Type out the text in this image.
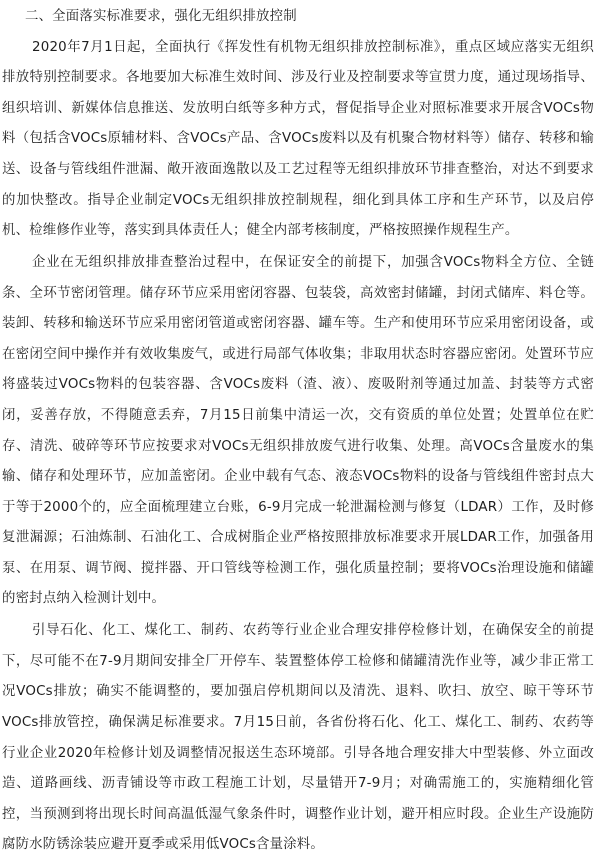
二、全面落实标准要求，强化无组织排放控制

2020年7月1日起，全面执行《挥发性有机物无组织排放控制标准》，重点区域应落实无组织排放特别控制要求。各地要加大标准生效时间、涉及行业及控制要求等宣贯力度，通过现场指导、组织培训、新媒体信息推送、发放明白纸等多种方式，督促指导企业对照标准要求开展含VOCs物料（包括含VOCs原辅材料、含VOCs产品、含VOCs废料以及有机聚合物材料等）储存、转移和输送、设备与管线组件泄漏、敞开液面逸散以及工艺过程等无组织排放环节排查整治，对达不到要求的加快整改。指导企业制定VOCs无组织排放控制规程，细化到具体工序和生产环节，以及启停机、检维修作业等，落实到具体责任人；健全内部考核制度，严格按照操作规程生产。

企业在无组织排放排查整治过程中，在保证安全的前提下，加强含VOCs物料全方位、全链条、全环节密闭管理。储存环节应采用密闭容器、包装袋，高效密封储罐，封闭式储库、料仓等。装卸、转移和输送环节应采用密闭管道或密闭容器、罐车等。生产和使用环节应采用密闭设备，或在密闭空间中操作并有效收集废气，或进行局部气体收集；非取用状态时容器应密闭。处置环节应将盛装过VOCs物料的包装容器、含VOCs废料（渣、液）、废吸附剂等通过加盖、封装等方式密闭，妥善存放，不得随意丢弃，7月15日前集中清运一次，交有资质的单位处置；处置单位在贮存、清洗、破碎等环节应按要求对VOCs无组织排放废气进行收集、处理。高VOCs含量废水的集输、储存和处理环节，应加盖密闭。企业中载有气态、液态VOCs物料的设备与管线组件密封点大于等于2000个的，应全面梳理建立台账，6-9月完成一轮泄漏检测与修复（LDAR）工作，及时修复泄漏源；石油炼制、石油化工、合成树脂企业严格按照排放标准要求开展LDAR工作，加强备用泵、在用泵、调节阀、搅拌器、开口管线等检测工作，强化质量控制；要将VOCs治理设施和储罐的密封点纳入检测计划中。

引导石化、化工、煤化工、制药、农药等行业企业合理安排停检修计划，在确保安全的前提下，尽可能不在7-9月期间安排全厂开停车、装置整体停工检修和储罐清洗作业等，减少非正常工况VOCs排放；确实不能调整的，要加强启停机期间以及清洗、退料、吹扫、放空、晾干等环节VOCs排放管控，确保满足标准要求。7月15日前，各省份将石化、化工、煤化工、制药、农药等行业企业2020年检修计划及调整情况报送生态环境部。引导各地合理安排大中型装修、外立面改造、道路画线、沥青铺设等市政工程施工计划，尽量错开7-9月；对确需施工的，实施精细化管控，当预测到将出现长时间高温低湿气象条件时，调整作业计划，避开相应时段。企业生产设施防腐防水防锈涂装应避开夏季或采用低VOCs含量涂料。
